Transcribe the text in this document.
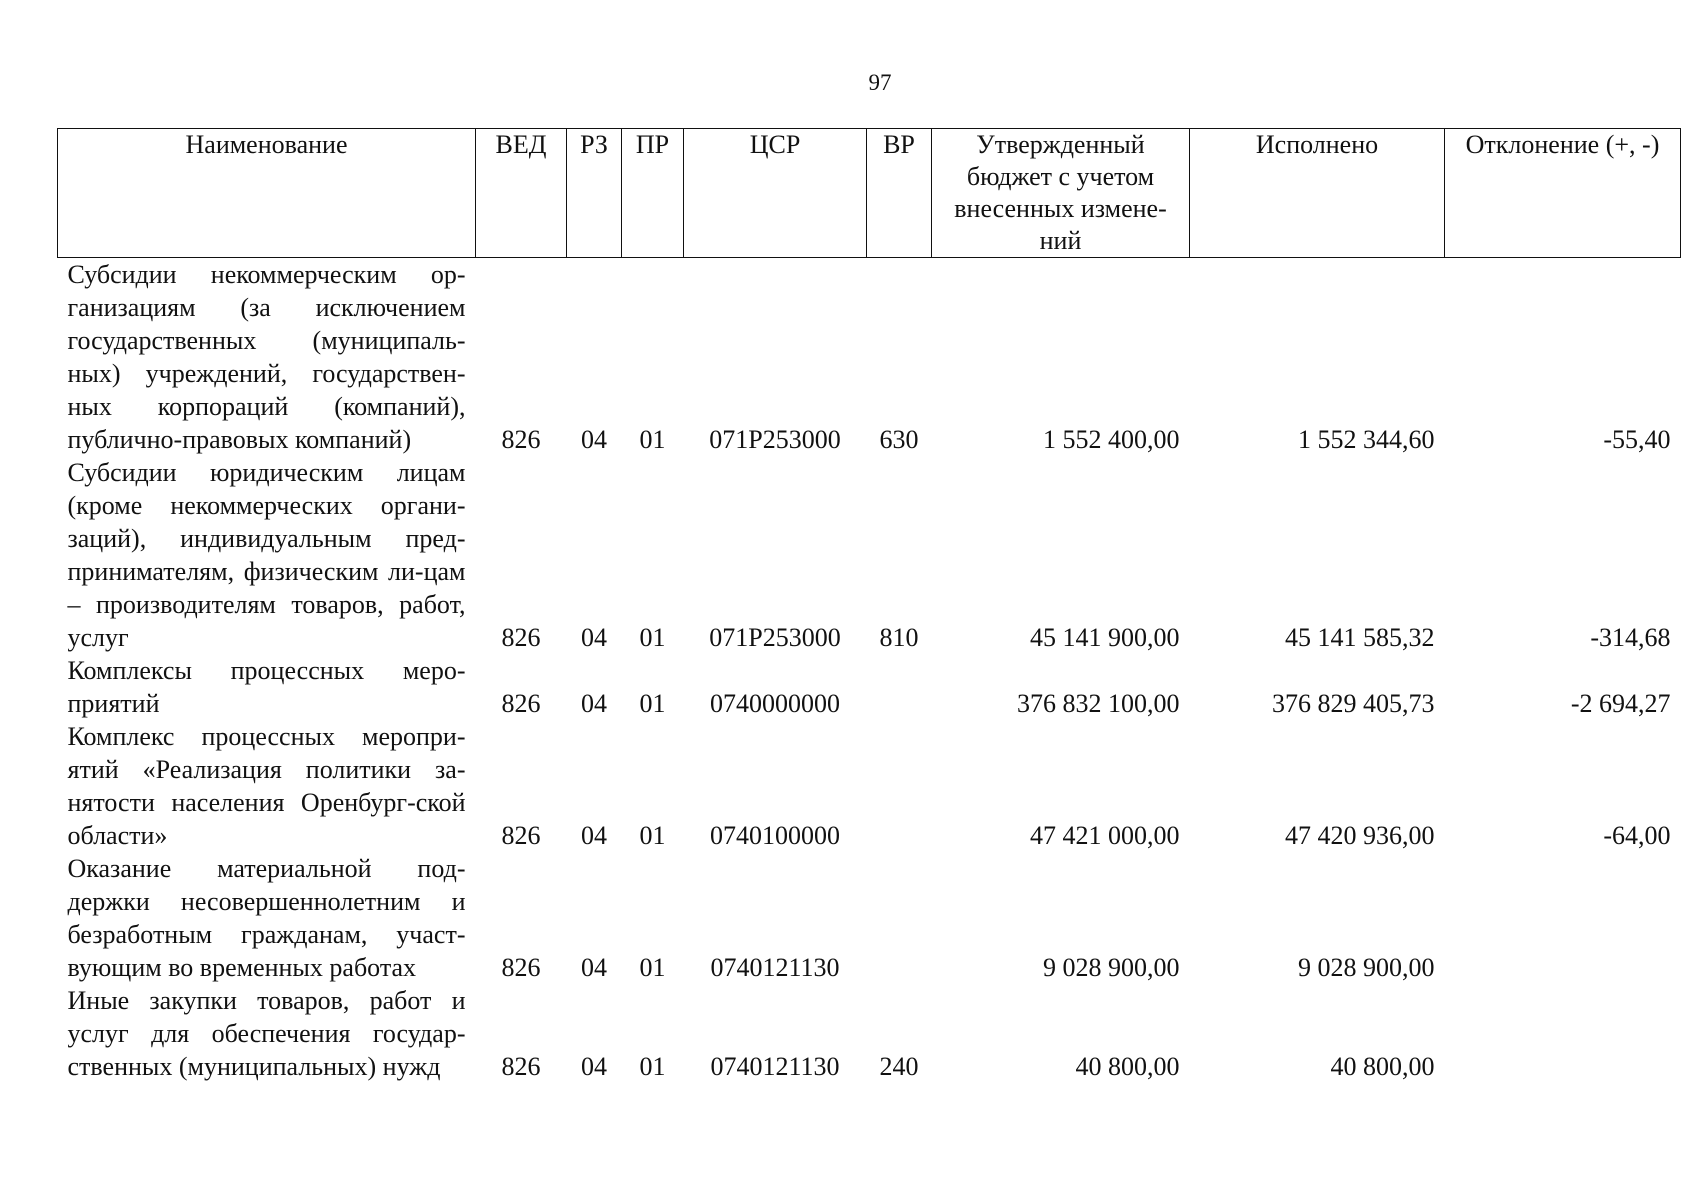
97
Наименование	ВЕД	РЗ	ПР	ЦСР	ВР	Утвержденный бюджет с учетом внесенных измене-ний	Исполнено	Отклонение (+, -)
Субсидии некоммерческим ор-ганизациям (за исключением государственных (муниципаль-ных) учреждений, государствен-ных корпораций (компаний), публично-правовых компаний)	826	04	01	071P253000	630	1 552 400,00	1 552 344,60	-55,40
Субсидии юридическим лицам (кроме некоммерческих органи-заций), индивидуальным пред-принимателям, физическим ли-цам – производителям товаров, работ, услуг	826	04	01	071P253000	810	45 141 900,00	45 141 585,32	-314,68
Комплексы процессных меро-приятий	826	04	01	0740000000		376 832 100,00	376 829 405,73	-2 694,27
Комплекс процессных меропри-ятий «Реализация политики за-нятости населения Оренбург-ской области»	826	04	01	0740100000		47 421 000,00	47 420 936,00	-64,00
Оказание материальной под-держки несовершеннолетним и безработным гражданам, участ-вующим во временных работах	826	04	01	0740121130		9 028 900,00	9 028 900,00	
Иные закупки товаров, работ и услуг для обеспечения государ-ственных (муниципальных) нужд	826	04	01	0740121130	240	40 800,00	40 800,00	
